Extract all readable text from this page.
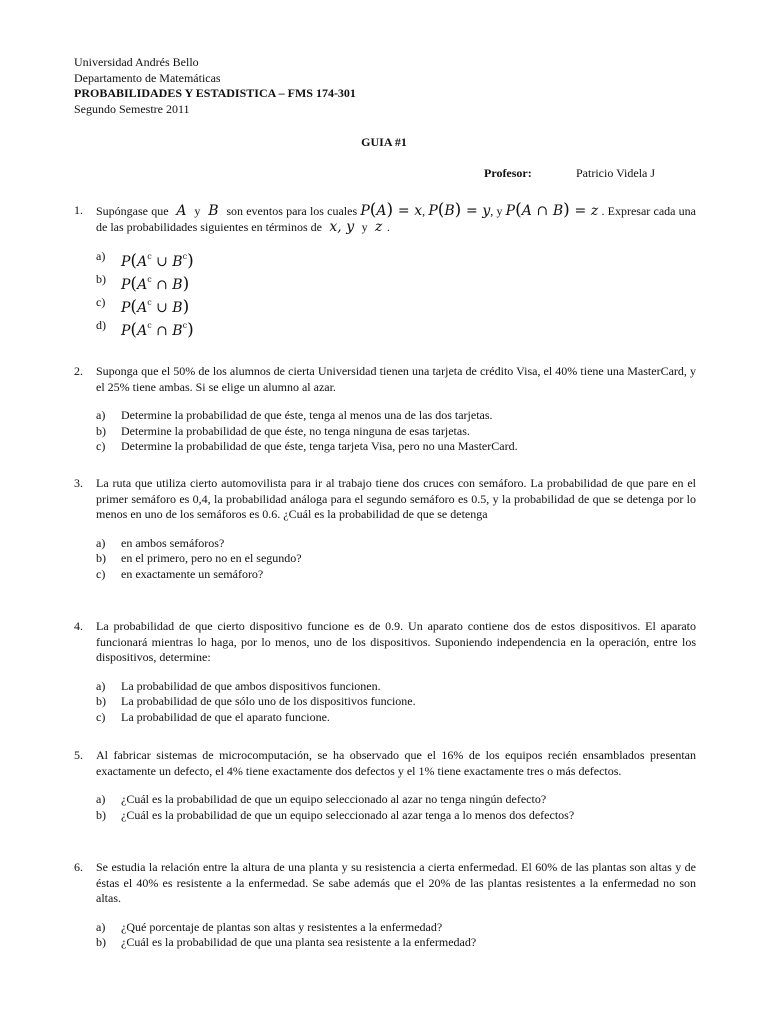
Universidad Andrés Bello
Departamento de Matemáticas
PROBABILIDADES Y ESTADISTICA – FMS 174-301
Segundo Semestre 2011
GUIA #1
Profesor:	Patricio Videla J
1. Supóngase que  A  y  B  son eventos para los cuales P(A) = x, P(B) = y, y P(A ∩ B) = z . Expresar cada una de las probabilidades siguientes en términos de  x, y  y  z .
a) $P(A^c$ ∪ $B^c$)
b) $P(A^c$ ∩ B)
c) $P(A^c$ ∪ B)
d) $P(A^c$ ∩ $B^c$)
2. Suponga que el 50% de los alumnos de cierta Universidad tienen una tarjeta de crédito Visa, el 40% tiene una MasterCard, y el 25% tiene ambas. Si se elige un alumno al azar.
a) Determine la probabilidad de que éste, tenga al menos una de las dos tarjetas.
b) Determine la probabilidad de que éste, no tenga ninguna de esas tarjetas.
c) Determine la probabilidad de que éste, tenga tarjeta Visa, pero no una MasterCard.
3. La ruta que utiliza cierto automovilista para ir al trabajo tiene dos cruces con semáforo. La probabilidad de que pare en el primer semáforo es 0,4, la probabilidad análoga para el segundo semáforo es 0.5, y la probabilidad de que se detenga por lo menos en uno de los semáforos es 0.6. ¿Cuál es la probabilidad de que se detenga
a) en ambos semáforos?
b) en el primero, pero no en el segundo?
c) en exactamente un semáforo?
4. La probabilidad de que cierto dispositivo funcione es de 0.9. Un aparato contiene dos de estos dispositivos. El aparato funcionará mientras lo haga, por lo menos, uno de los dispositivos. Suponiendo independencia en la operación, entre los dispositivos, determine:
a) La probabilidad de que ambos dispositivos funcionen.
b) La probabilidad de que sólo uno de los dispositivos funcione.
c) La probabilidad de que el aparato funcione.
5. Al fabricar sistemas de microcomputación, se ha observado que el 16% de los equipos recién ensamblados presentan exactamente un defecto, el 4% tiene exactamente dos defectos y el 1% tiene exactamente tres o más defectos.
a) ¿Cuál es la probabilidad de que un equipo seleccionado al azar no tenga ningún defecto?
b) ¿Cuál es la probabilidad de que un equipo seleccionado al azar tenga a lo menos dos defectos?
6. Se estudia la relación entre la altura de una planta y su resistencia a cierta enfermedad. El 60% de las plantas son altas y de éstas el 40% es resistente a la enfermedad. Se sabe además que el 20% de las plantas resistentes a la enfermedad no son altas.
a) ¿Qué porcentaje de plantas son altas y resistentes a la enfermedad?
b) ¿Cuál es la probabilidad de que una planta sea resistente a la enfermedad?
